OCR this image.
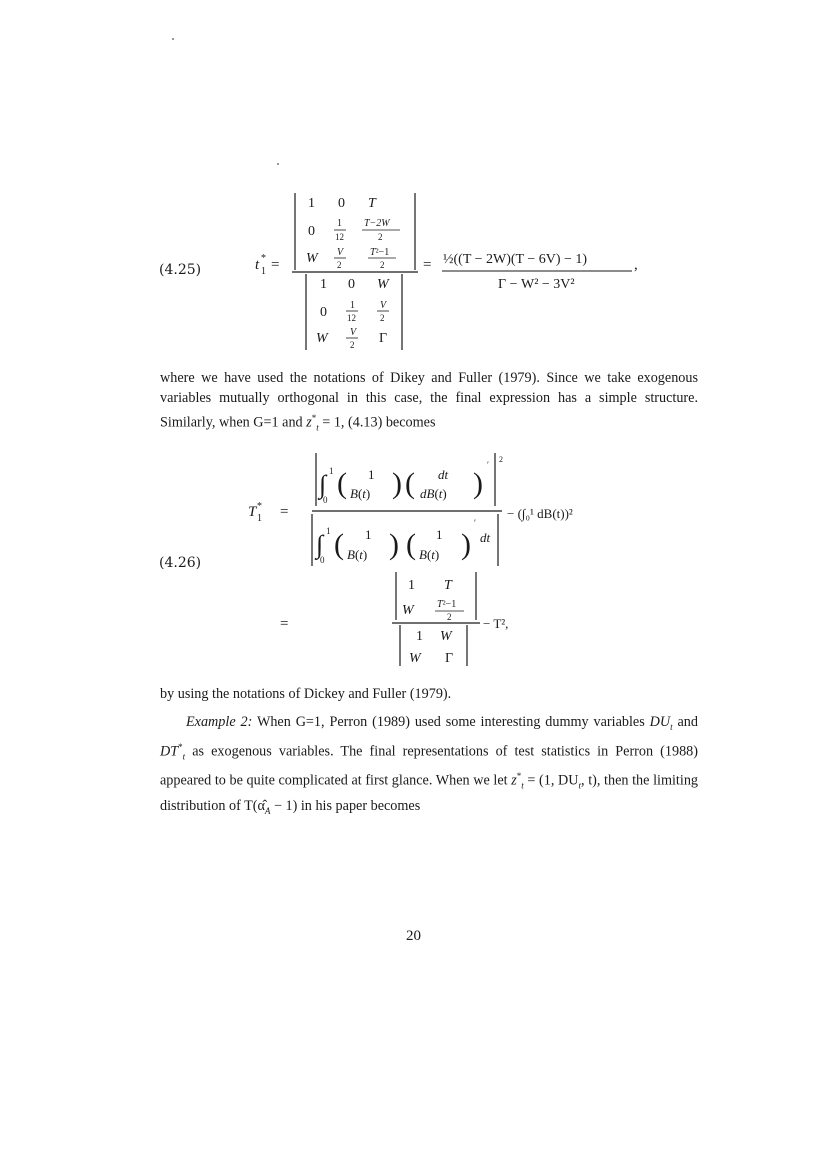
(4.25)	t 1
* =
1 0 T
0
1
12
T−2W
2
W V
2
T²−1
2
1 0 W
0 1
12
V
2
W V
2 Γ
= ½((T − 2W)(T − 6V) − 1)
Γ − W² − 3V²
,
where we have used the notations of Dikey and Fuller (1979). Since we take exogenous variables mutually orthogonal in this case, the final expression has a simple structure. Similarly, when G=1 and $z^*_t = 1$, (4.13) becomes
(4.26)
T 1
* =
∫ 1
0 ( 1
B(t) ) ( dt
dB(t) )
′
2
∫ 1
0 ( 1
B(t) ) ( 1
B(t) )
′
dt
− (∫₀¹ dB(t))²
=
1 T
W T²−1
2
1 W
W Γ
− T²,
by using the notations of Dickey and Fuller (1979).
Example 2: When G=1, Perron (1989) used some interesting dummy variables $DU_t$ and $DT^*_t$ as exogenous variables. The final representations of test statistics in Perron (1988) appeared to be quite complicated at first glance. When we let $z^*_t = (1$, $DU_t$, t), then the limiting distribution of $T(\alphâ_A - 1)$ in his paper becomes
20
